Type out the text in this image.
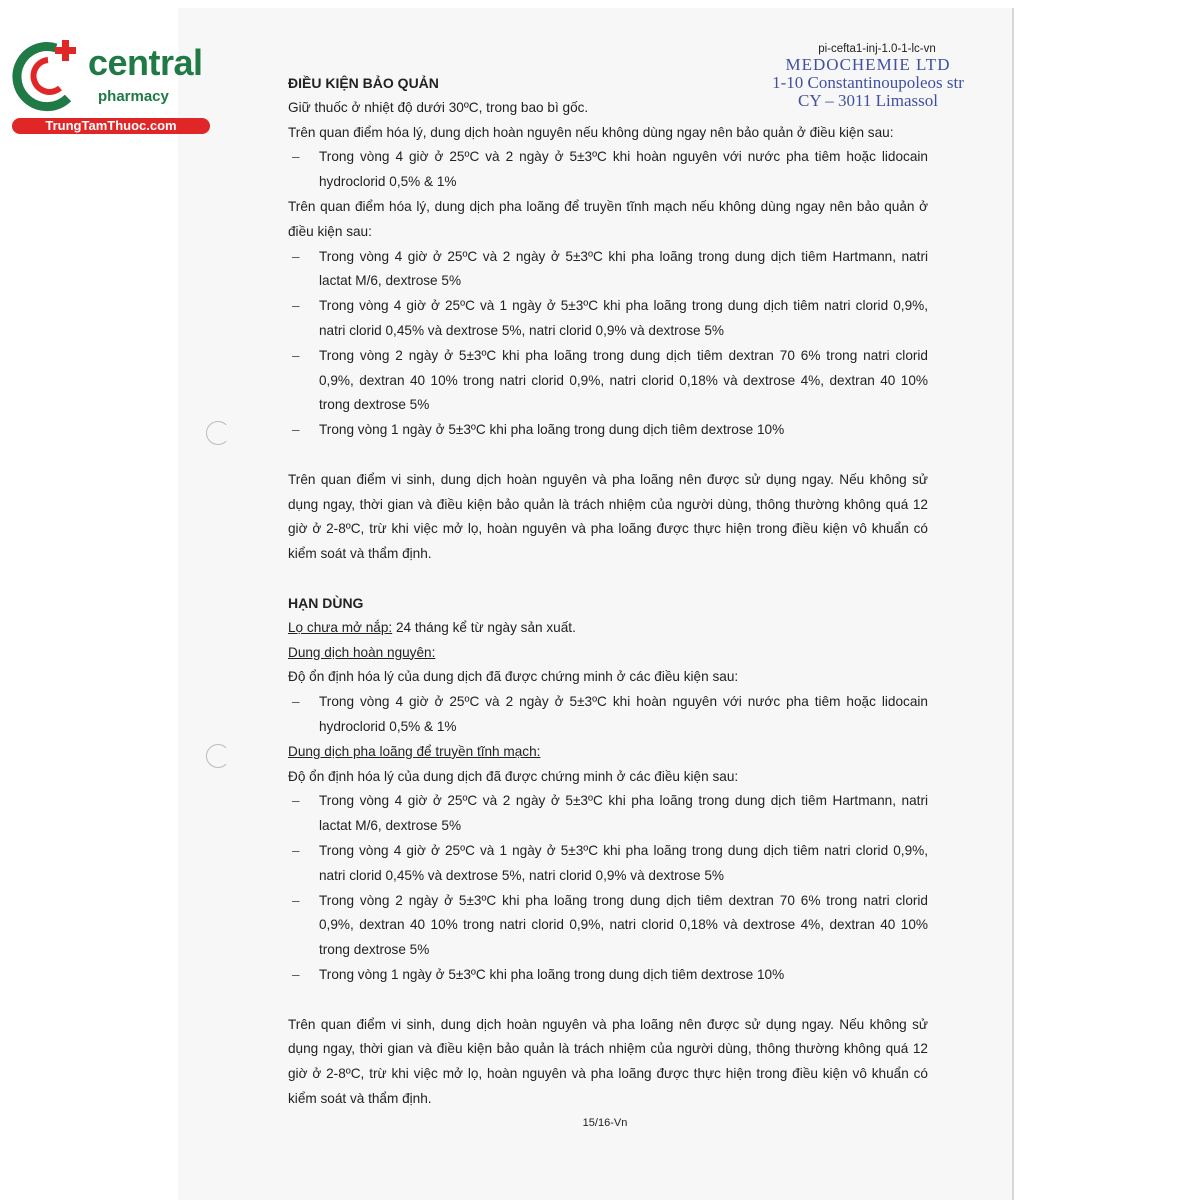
central
pharmacy
TrungTamThuoc.com
pi-cefta1-inj-1.0-1-lc-vn
MEDOCHEMIE LTD
1-10 Constantinoupoleos str
CY – 3011 Limassol

ĐIỀU KIỆN BẢO QUẢN

Giữ thuốc ở nhiệt độ dưới 30ºC, trong bao bì gốc.

Trên quan điểm hóa lý, dung dịch hoàn nguyên nếu không dùng ngay nên bảo quản ở điều kiện sau:

–	Trong vòng 4 giờ ở 25ºC và 2 ngày ở 5±3ºC khi hoàn nguyên với nước pha tiêm hoặc lidocain hydroclorid 0,5% & 1%

Trên quan điểm hóa lý, dung dịch pha loãng để truyền tĩnh mạch nếu không dùng ngay nên bảo quản ở điều kiện sau:

–	Trong vòng 4 giờ ở 25ºC và 2 ngày ở 5±3ºC khi pha loãng trong dung dịch tiêm Hartmann, natri lactat M/6, dextrose 5%
–	Trong vòng 4 giờ ở 25ºC và 1 ngày ở 5±3ºC khi pha loãng trong dung dịch tiêm natri clorid 0,9%, natri clorid 0,45% và dextrose 5%, natri clorid 0,9% và dextrose 5%
–	Trong vòng 2 ngày ở 5±3ºC khi pha loãng trong dung dịch tiêm dextran 70 6% trong natri clorid 0,9%, dextran 40 10% trong natri clorid 0,9%, natri clorid 0,18% và dextrose 4%, dextran 40 10% trong dextrose 5%
–	Trong vòng 1 ngày ở 5±3ºC khi pha loãng trong dung dịch tiêm dextrose 10%

Trên quan điểm vi sinh, dung dịch hoàn nguyên và pha loãng nên được sử dụng ngay. Nếu không sử dụng ngay, thời gian và điều kiện bảo quản là trách nhiệm của người dùng, thông thường không quá 12 giờ ở 2-8ºC, trừ khi việc mở lọ, hoàn nguyên và pha loãng được thực hiện trong điều kiện vô khuẩn có kiểm soát và thẩm định.

HẠN DÙNG

Lọ chưa mở nắp: 24 tháng kể từ ngày sản xuất.

Dung dịch hoàn nguyên:

Độ ổn định hóa lý của dung dịch đã được chứng minh ở các điều kiện sau:

–	Trong vòng 4 giờ ở 25ºC và 2 ngày ở 5±3ºC khi hoàn nguyên với nước pha tiêm hoặc lidocain hydroclorid 0,5% & 1%

Dung dịch pha loãng để truyền tĩnh mạch:

Độ ổn định hóa lý của dung dịch đã được chứng minh ở các điều kiện sau:

–	Trong vòng 4 giờ ở 25ºC và 2 ngày ở 5±3ºC khi pha loãng trong dung dịch tiêm Hartmann, natri lactat M/6, dextrose 5%
–	Trong vòng 4 giờ ở 25ºC và 1 ngày ở 5±3ºC khi pha loãng trong dung dịch tiêm natri clorid 0,9%, natri clorid 0,45% và dextrose 5%, natri clorid 0,9% và dextrose 5%
–	Trong vòng 2 ngày ở 5±3ºC khi pha loãng trong dung dịch tiêm dextran 70 6% trong natri clorid 0,9%, dextran 40 10% trong natri clorid 0,9%, natri clorid 0,18% và dextrose 4%, dextran 40 10% trong dextrose 5%
–	Trong vòng 1 ngày ở 5±3ºC khi pha loãng trong dung dịch tiêm dextrose 10%

Trên quan điểm vi sinh, dung dịch hoàn nguyên và pha loãng nên được sử dụng ngay. Nếu không sử dụng ngay, thời gian và điều kiện bảo quản là trách nhiệm của người dùng, thông thường không quá 12 giờ ở 2-8ºC, trừ khi việc mở lọ, hoàn nguyên và pha loãng được thực hiện trong điều kiện vô khuẩn có kiểm soát và thẩm định.

15/16-Vn
